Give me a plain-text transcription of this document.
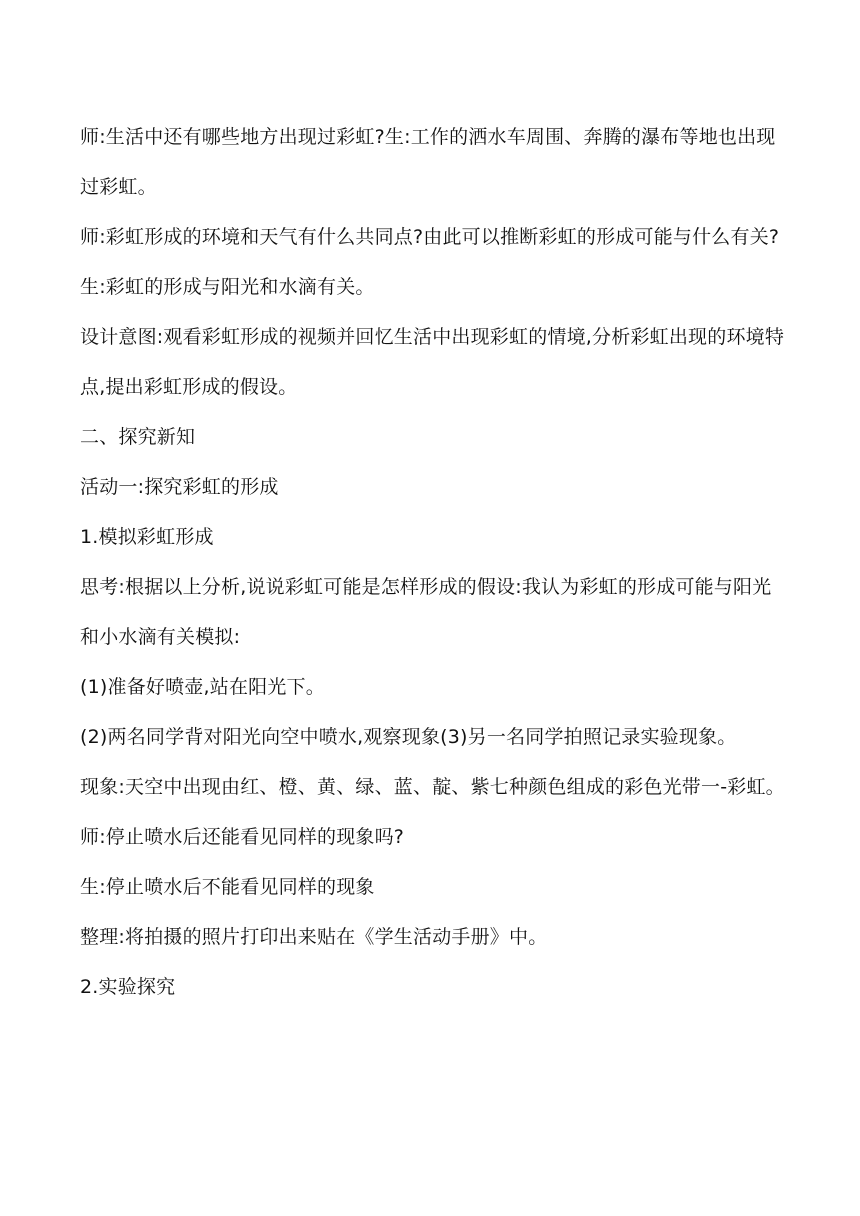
师:生活中还有哪些地方出现过彩虹?生:工作的洒水车周围、奔腾的瀑布等地也出现过彩虹。

师:彩虹形成的环境和天气有什么共同点?由此可以推断彩虹的形成可能与什么有关?

生:彩虹的形成与阳光和水滴有关。

设计意图:观看彩虹形成的视频并回忆生活中出现彩虹的情境,分析彩虹出现的环境特点,提出彩虹形成的假设。

二、探究新知

活动一:探究彩虹的形成

1.模拟彩虹形成

思考:根据以上分析,说说彩虹可能是怎样形成的假设:我认为彩虹的形成可能与阳光和小水滴有关模拟:

(1)准备好喷壶,站在阳光下。

(2)两名同学背对阳光向空中喷水,观察现象(3)另一名同学拍照记录实验现象。

现象:天空中出现由红、橙、黄、绿、蓝、靛、紫七种颜色组成的彩色光带一-彩虹。

师:停止喷水后还能看见同样的现象吗?

生:停止喷水后不能看见同样的现象

整理:将拍摄的照片打印出来贴在《学生活动手册》中。

2.实验探究
